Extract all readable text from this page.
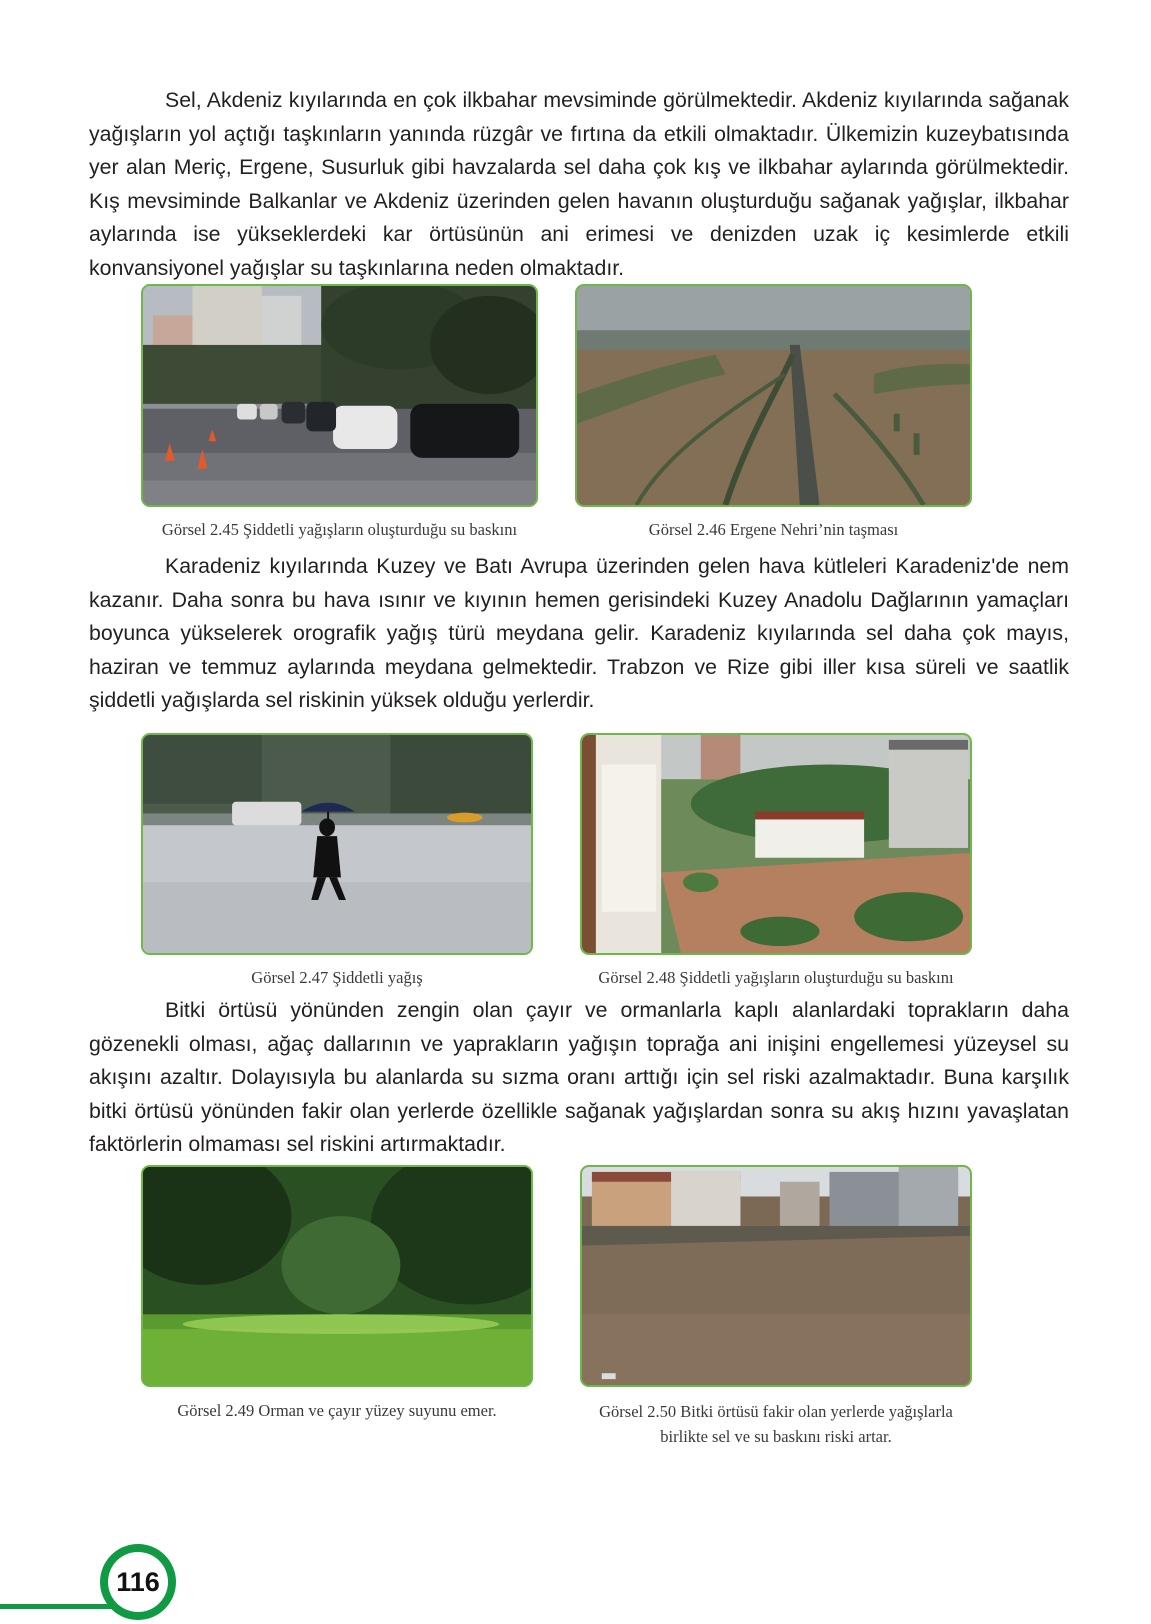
Sel, Akdeniz kıyılarında en çok ilkbahar mevsiminde görülmektedir. Akdeniz kıyılarında sağanak yağışların yol açtığı taşkınların yanında rüzgâr ve fırtına da etkili olmaktadır. Ülkemizin kuzeybatısında yer alan Meriç, Ergene, Susurluk gibi havzalarda sel daha çok kış ve ilkbahar aylarında görülmektedir. Kış mevsiminde Balkanlar ve Akdeniz üzerinden gelen havanın oluşturduğu sağanak yağışlar, ilkbahar aylarında ise yükseklerdeki kar örtüsünün ani erimesi ve denizden uzak iç kesimlerde etkili konvansiyonel yağışlar su taşkınlarına neden olmaktadır.

Görsel 2.45 Şiddetli yağışların oluşturduğu su baskını	Görsel 2.46 Ergene Nehri’nin taşması

Karadeniz kıyılarında Kuzey ve Batı Avrupa üzerinden gelen hava kütleleri Karadeniz'de nem kazanır. Daha sonra bu hava ısınır ve kıyının hemen gerisindeki Kuzey Anadolu Dağlarının yamaçları boyunca yükselerek orografik yağış türü meydana gelir. Karadeniz kıyılarında sel daha çok mayıs, haziran ve temmuz aylarında meydana gelmektedir. Trabzon ve Rize gibi iller kısa süreli ve saatlik şiddetli yağışlarda sel riskinin yüksek olduğu yerlerdir.

Görsel 2.47 Şiddetli yağış	Görsel 2.48 Şiddetli yağışların oluşturduğu su baskını

Bitki örtüsü yönünden zengin olan çayır ve ormanlarla kaplı alanlardaki toprakların daha gözenekli olması, ağaç dallarının ve yaprakların yağışın toprağa ani inişini engellemesi yüzeysel su akışını azaltır. Dolayısıyla bu alanlarda su sızma oranı arttığı için sel riski azalmaktadır. Buna karşılık bitki örtüsü yönünden fakir olan yerlerde özellikle sağanak yağışlardan sonra su akış hızını yavaşlatan faktörlerin olmaması sel riskini artırmaktadır.

Görsel 2.49 Orman ve çayır yüzey suyunu emer.	Görsel 2.50 Bitki örtüsü fakir olan yerlerde yağışlarla
birlikte sel ve su baskını riski artar.
116
